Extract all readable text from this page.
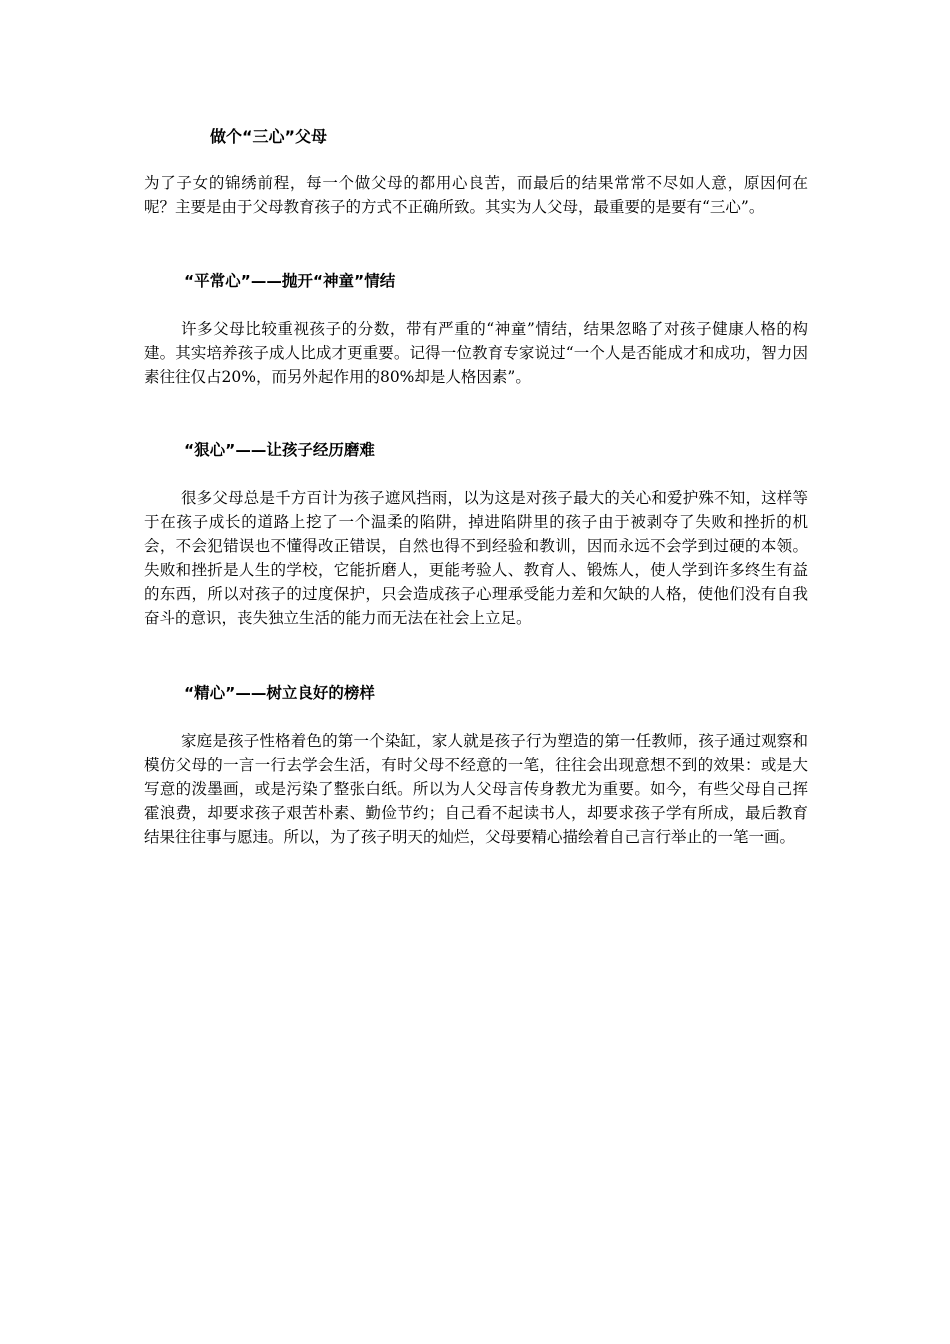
做个“三心”父母

为了子女的锦绣前程，每一个做父母的都用心良苦，而最后的结果常常不尽如人意，原因何在呢？主要是由于父母教育孩子的方式不正确所致。其实为人父母，最重要的是要有“三心”。

“平常心”——抛开“神童”情结

许多父母比较重视孩子的分数，带有严重的“神童”情结，结果忽略了对孩子健康人格的构建。其实培养孩子成人比成才更重要。记得一位教育专家说过“一个人是否能成才和成功，智力因素往往仅占20%，而另外起作用的80%却是人格因素”。

“狠心”——让孩子经历磨难

很多父母总是千方百计为孩子遮风挡雨，以为这是对孩子最大的关心和爱护殊不知，这样等于在孩子成长的道路上挖了一个温柔的陷阱，掉进陷阱里的孩子由于被剥夺了失败和挫折的机会，不会犯错误也不懂得改正错误，自然也得不到经验和教训，因而永远不会学到过硬的本领。失败和挫折是人生的学校，它能折磨人，更能考验人、教育人、锻炼人，使人学到许多终生有益的东西，所以对孩子的过度保护，只会造成孩子心理承受能力差和欠缺的人格，使他们没有自我奋斗的意识，丧失独立生活的能力而无法在社会上立足。

“精心”——树立良好的榜样

家庭是孩子性格着色的第一个染缸，家人就是孩子行为塑造的第一任教师，孩子通过观察和模仿父母的一言一行去学会生活，有时父母不经意的一笔，往往会出现意想不到的效果：或是大写意的泼墨画，或是污染了整张白纸。所以为人父母言传身教尤为重要。如今，有些父母自己挥霍浪费，却要求孩子艰苦朴素、勤俭节约；自己看不起读书人，却要求孩子学有所成，最后教育结果往往事与愿违。所以，为了孩子明天的灿烂，父母要精心描绘着自己言行举止的一笔一画。
